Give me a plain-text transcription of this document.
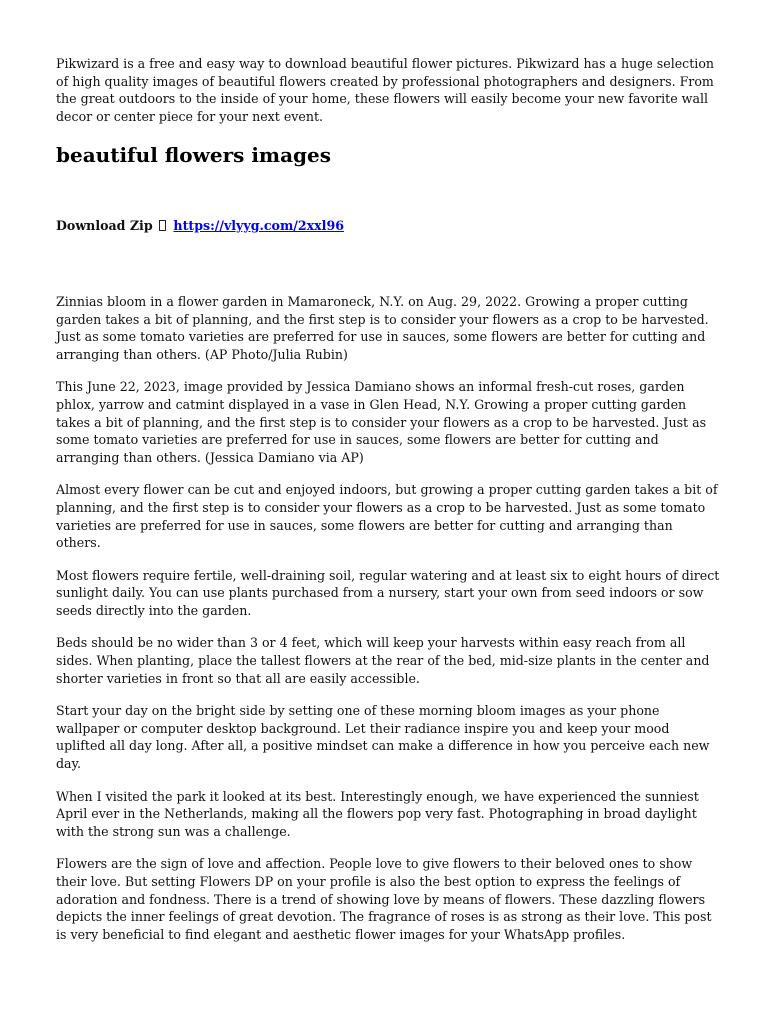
Pikwizard is a free and easy way to download beautiful flower pictures. Pikwizard has a huge selection of high quality images of beautiful flowers created by professional photographers and designers. From the great outdoors to the inside of your home, these flowers will easily become your new favorite wall decor or center piece for your next event.

beautiful flowers images
Download Zip https://vlyyg.com/2xxl96

Zinnias bloom in a flower garden in Mamaroneck, N.Y. on Aug. 29, 2022. Growing a proper cutting garden takes a bit of planning, and the first step is to consider your flowers as a crop to be harvested. Just as some tomato varieties are preferred for use in sauces, some flowers are better for cutting and arranging than others. (AP Photo/Julia Rubin)

This June 22, 2023, image provided by Jessica Damiano shows an informal fresh-cut roses, garden phlox, yarrow and catmint displayed in a vase in Glen Head, N.Y. Growing a proper cutting garden takes a bit of planning, and the first step is to consider your flowers as a crop to be harvested. Just as some tomato varieties are preferred for use in sauces, some flowers are better for cutting and arranging than others. (Jessica Damiano via AP)

Almost every flower can be cut and enjoyed indoors, but growing a proper cutting garden takes a bit of planning, and the first step is to consider your flowers as a crop to be harvested. Just as some tomato varieties are preferred for use in sauces, some flowers are better for cutting and arranging than others.

Most flowers require fertile, well-draining soil, regular watering and at least six to eight hours of direct sunlight daily. You can use plants purchased from a nursery, start your own from seed indoors or sow seeds directly into the garden.

Beds should be no wider than 3 or 4 feet, which will keep your harvests within easy reach from all sides. When planting, place the tallest flowers at the rear of the bed, mid-size plants in the center and shorter varieties in front so that all are easily accessible.

Start your day on the bright side by setting one of these morning bloom images as your phone wallpaper or computer desktop background. Let their radiance inspire you and keep your mood uplifted all day long. After all, a positive mindset can make a difference in how you perceive each new day.

When I visited the park it looked at its best. Interestingly enough, we have experienced the sunniest April ever in the Netherlands, making all the flowers pop very fast. Photographing in broad daylight with the strong sun was a challenge.

Flowers are the sign of love and affection. People love to give flowers to their beloved ones to show their love. But setting Flowers DP on your profile is also the best option to express the feelings of adoration and fondness. There is a trend of showing love by means of flowers. These dazzling flowers depicts the inner feelings of great devotion. The fragrance of roses is as strong as their love. This post is very beneficial to find elegant and aesthetic flower images for your WhatsApp profiles.
